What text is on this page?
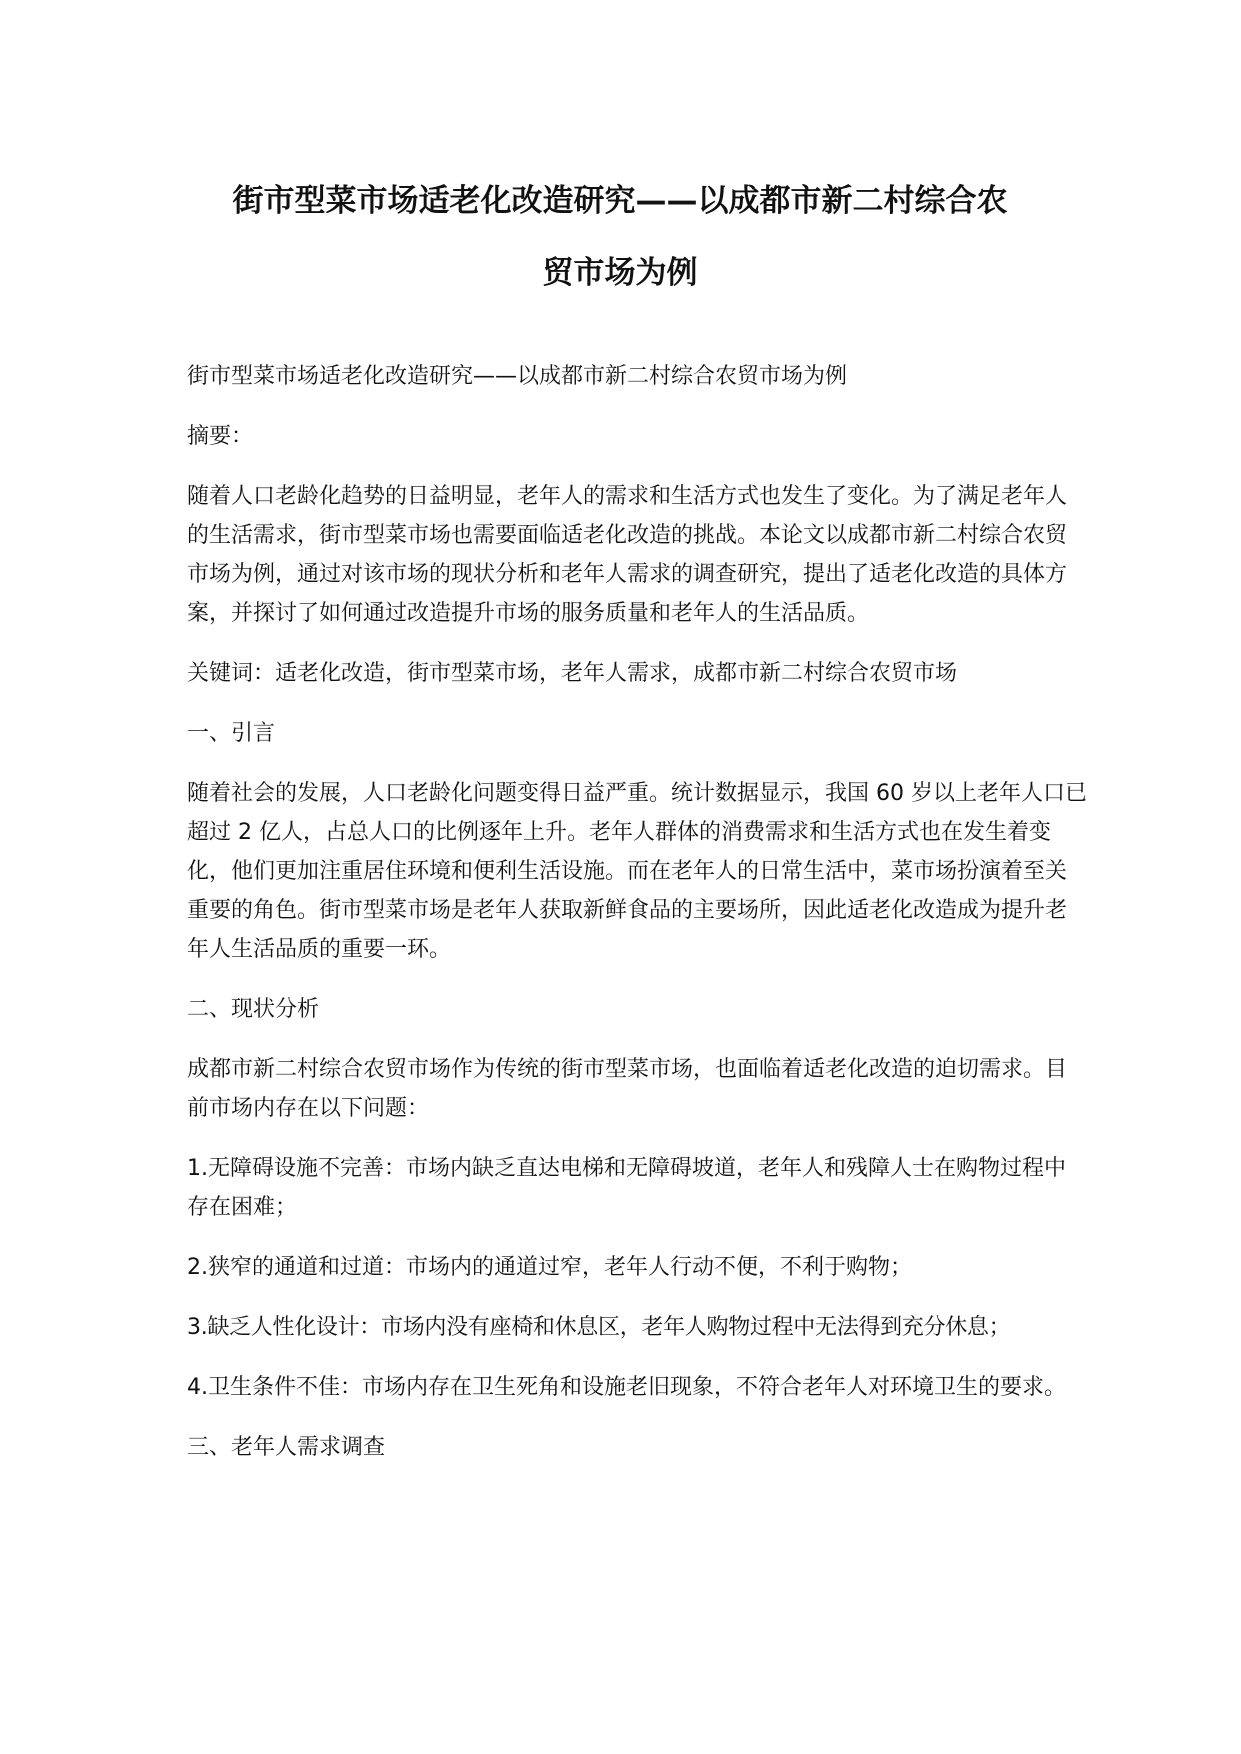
街市型菜市场适老化改造研究——以成都市新二村综合农
贸市场为例

街市型菜市场适老化改造研究——以成都市新二村综合农贸市场为例

摘要：

随着人口老龄化趋势的日益明显，老年人的需求和生活方式也发生了变化。为了满足老年人的生活需求，街市型菜市场也需要面临适老化改造的挑战。本论文以成都市新二村综合农贸市场为例，通过对该市场的现状分析和老年人需求的调查研究，提出了适老化改造的具体方案，并探讨了如何通过改造提升市场的服务质量和老年人的生活品质。

关键词：适老化改造，街市型菜市场，老年人需求，成都市新二村综合农贸市场

一、引言

随着社会的发展，人口老龄化问题变得日益严重。统计数据显示，我国 60 岁以上老年人口已超过 2 亿人，占总人口的比例逐年上升。老年人群体的消费需求和生活方式也在发生着变化，他们更加注重居住环境和便利生活设施。而在老年人的日常生活中，菜市场扮演着至关重要的角色。街市型菜市场是老年人获取新鲜食品的主要场所，因此适老化改造成为提升老年人生活品质的重要一环。

二、现状分析

成都市新二村综合农贸市场作为传统的街市型菜市场，也面临着适老化改造的迫切需求。目前市场内存在以下问题：

1.无障碍设施不完善：市场内缺乏直达电梯和无障碍坡道，老年人和残障人士在购物过程中存在困难；

2.狭窄的通道和过道：市场内的通道过窄，老年人行动不便，不利于购物；

3.缺乏人性化设计：市场内没有座椅和休息区，老年人购物过程中无法得到充分休息；

4.卫生条件不佳：市场内存在卫生死角和设施老旧现象，不符合老年人对环境卫生的要求。

三、老年人需求调查
